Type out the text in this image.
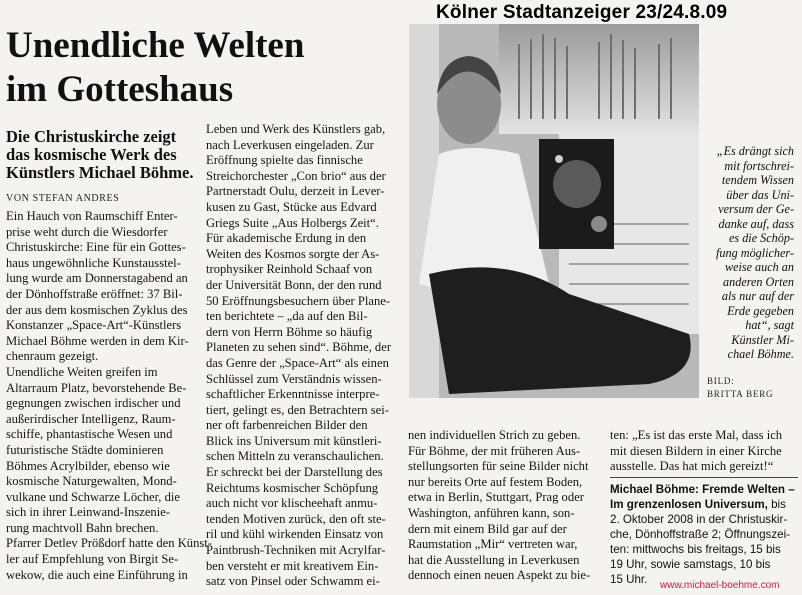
Kölner Stadtanzeiger 23/24.8.09
Unendliche Welten
im Gotteshaus
Die Christuskirche zeigt
das kosmische Werk des
Künstlers Michael Böhme.
VON STEFAN ANDRES
Ein Hauch von Raumschiff Enter-
prise weht durch die Wiesdorfer
Christuskirche: Eine für ein Gottes-
haus ungewöhnliche Kunstausstel-
lung wurde am Donnerstagabend an
der Dönhoffstraße eröffnet: 37 Bil-
der aus dem kosmischen Zyklus des
Konstanzer „Space-Art“-Künstlers
Michael Böhme werden in dem Kir-
chenraum gezeigt.
Unendliche Weiten greifen im
Altarraum Platz, bevorstehende Be-
gegnungen zwischen irdischer und
außerirdischer Intelligenz, Raum-
schiffe, phantastische Wesen und
futuristische Städte dominieren
Böhmes Acrylbilder, ebenso wie
kosmische Naturgewalten, Mond-
vulkane und Schwarze Löcher, die
sich in ihrer Leinwand-Inszenie-
rung machtvoll Bahn brechen.
Pfarrer Detlev Prößdorf hatte den Künst-
ler auf Empfehlung von Birgit Se-
wekow, die auch eine Einführung in
Leben und Werk des Künstlers gab,
nach Leverkusen eingeladen. Zur
Eröffnung spielte das finnische
Streichorchester „Con brio“ aus der
Partnerstadt Oulu, derzeit in Lever-
kusen zu Gast, Stücke aus Edvard
Griegs Suite „Aus Holbergs Zeit“.
Für akademische Erdung in den
Weiten des Kosmos sorgte der As-
trophysiker Reinhold Schaaf von
der Universität Bonn, der den rund
50 Eröffnungsbesuchern über Plane-
ten berichtete – „da auf den Bil-
dern von Herrn Böhme so häufig
Planeten zu sehen sind“. Böhme, der
das Genre der „Space-Art“ als einen
Schlüssel zum Verständnis wissen-
schaftlicher Erkenntnisse interpre-
tiert, gelingt es, den Betrachtern sei-
ner oft farbenreichen Bilder den
Blick ins Universum mit künstleri-
schen Mitteln zu veranschaulichen.
Er schreckt bei der Darstellung des
Reichtums kosmischer Schöpfung
auch nicht vor klischeehaft anmu-
tenden Motiven zurück, den oft ste-
ril und kühl wirkenden Einsatz von
Paintbrush-Techniken mit Acrylfar-
ben versteht er mit kreativem Ein-
satz von Pinsel oder Schwamm ei-
nen individuellen Strich zu geben.
Für Böhme, der mit früheren Aus-
stellungsorten für seine Bilder nicht
nur bereits Orte auf festem Boden,
etwa in Berlin, Stuttgart, Prag oder
Washington, anführen kann, son-
dern mit einem Bild gar auf der
Raumstation „Mir“ vertreten war,
hat die Ausstellung in Leverkusen
dennoch einen neuen Aspekt zu bie-
ten: „Es ist das erste Mal, dass ich
mit diesen Bildern in einer Kirche
ausstelle. Das hat mich gereizt!“
„Es drängt sich
mit fortschrei-
tendem Wissen
über das Uni-
versum der Ge-
danke auf, dass
es die Schöp-
fung möglicher-
weise auch an
anderen Orten
als nur auf der
Erde gegeben
hat“, sagt
Künstler Mi-
chael Böhme.
BILD:
BRITTA BERG
Michael Böhme: Fremde Welten –
Im grenzenlosen Universum, bis
2. Oktober 2008 in der Christuskir-
che, Dönhoffstraße 2; Öffnungszei-
ten: mittwochs bis freitags, 15 bis
19 Uhr, sowie samstags, 10 bis
15 Uhr.	www.michael-boehme.com
